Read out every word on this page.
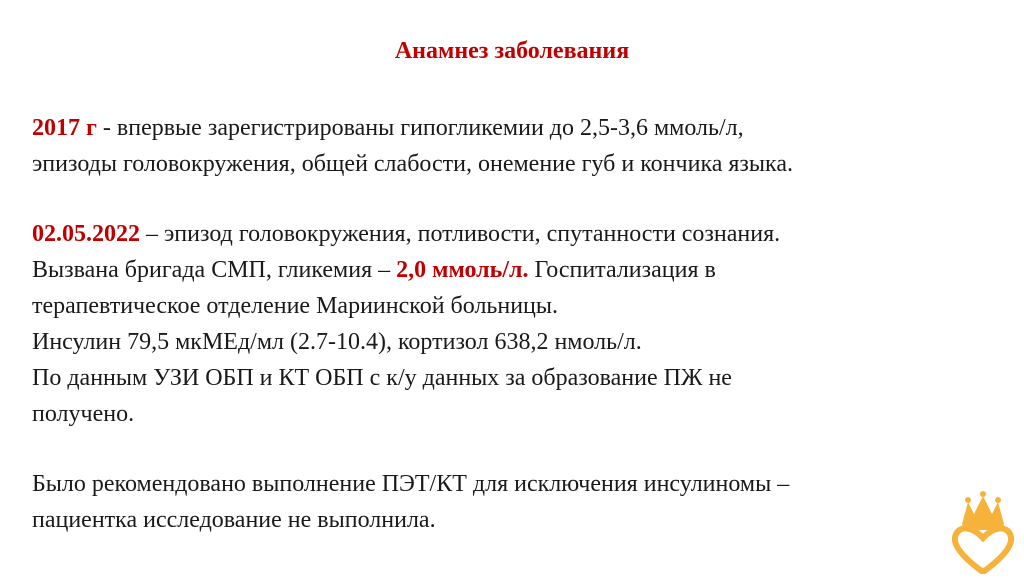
Анамнез заболевания
2017 г - впервые зарегистрированы гипогликемии до 2,5-3,6 ммоль/л,
эпизоды головокружения, общей слабости, онемение губ и кончика языка.
02.05.2022 – эпизод головокружения, потливости, спутанности сознания.
Вызвана бригада СМП, гликемия – 2,0 ммоль/л. Госпитализация в
терапевтическое отделение Мариинской больницы.
Инсулин 79,5 мкМЕд/мл (2.7-10.4), кортизол 638,2 нмоль/л.
По данным УЗИ ОБП и КТ ОБП с к/у данных за образование ПЖ не
получено.
Было рекомендовано выполнение ПЭТ/КТ для исключения инсулиномы –
пациентка исследование не выполнила.
